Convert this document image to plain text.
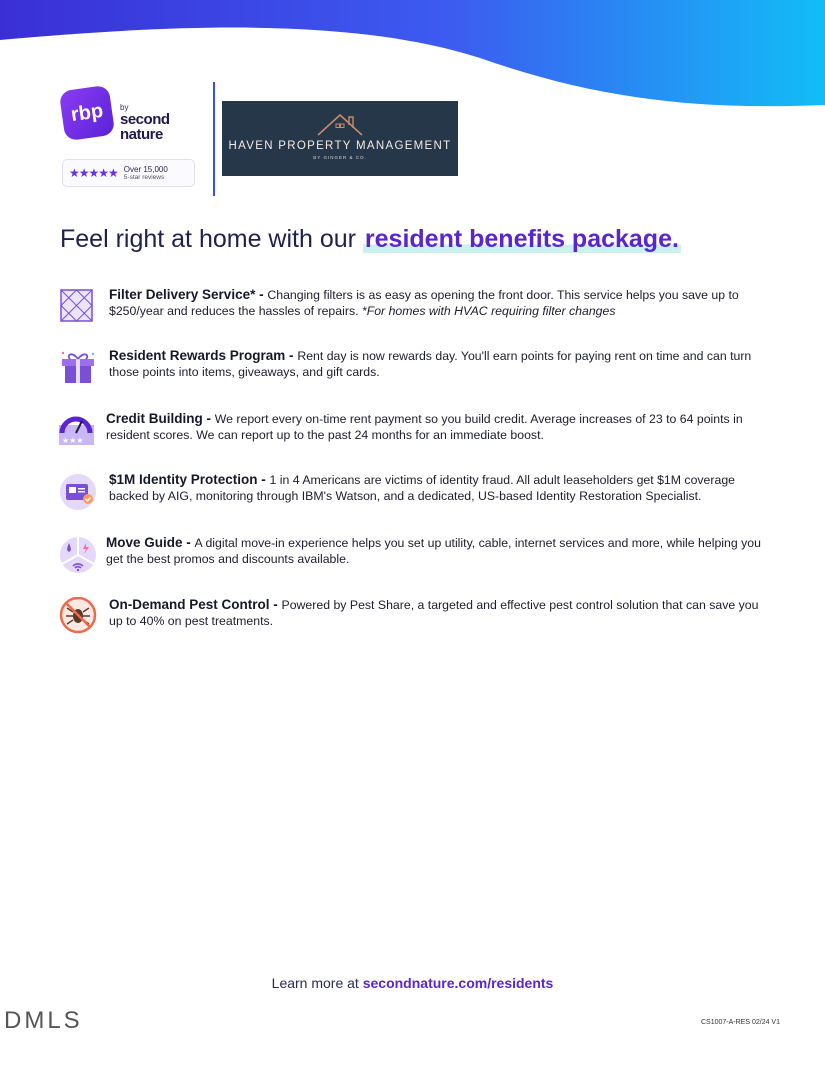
rbp	by
second nature
★★★★★ Over 15,000
5-star reviews
HAVEN PROPERTY MANAGEMENT
BY GINGER & CO.
Feel right at home with our resident benefits package.
Filter Delivery Service* - Changing filters is as easy as opening the front door. This service helps you save up to $250/year and reduces the hassles of repairs. *For homes with HVAC requiring filter changes
Resident Rewards Program - Rent day is now rewards day. You'll earn points for paying rent on time and can turn those points into items, giveaways, and gift cards.
★★★
Credit Building - We report every on-time rent payment so you build credit. Average increases of 23 to 64 points in resident scores. We can report up to the past 24 months for an immediate boost.
$1M Identity Protection - 1 in 4 Americans are victims of identity fraud. All adult leaseholders get $1M coverage backed by AIG, monitoring through IBM's Watson, and a dedicated, US-based Identity Restoration Specialist.
Move Guide - A digital move-in experience helps you set up utility, cable, internet services and more, while helping you get the best promos and discounts available.
On-Demand Pest Control - Powered by Pest Share, a targeted and effective pest control solution that can save you up to 40% on pest treatments.
Learn more at secondnature.com/residents
DMLS	CS1007-A-RES 02/24 V1
